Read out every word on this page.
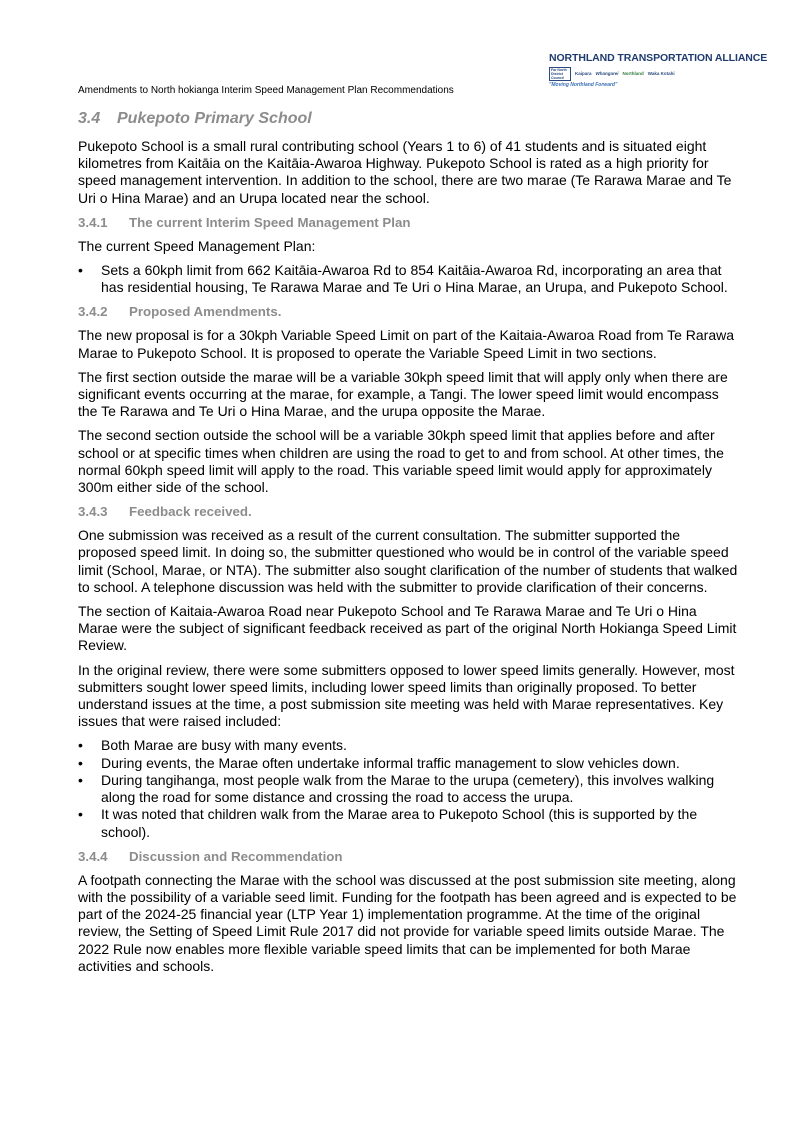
NORTHLAND TRANSPORTATION ALLIANCE
Far North District Council
Kaipara Whangarei Northland Waka Kotahi
"Moving Northland Forward"
Amendments to North hokianga Interim Speed Management Plan Recommendations
3.4 Pukepoto Primary School

Pukepoto School is a small rural contributing school (Years 1 to 6) of 41 students and is situated eight kilometres from Kaitāia on the Kaitāia-Awaroa Highway. Pukepoto School is rated as a high priority for speed management intervention. In addition to the school, there are two marae (Te Rarawa Marae and Te Uri o Hina Marae) and an Urupa located near the school.

3.4.1 The current Interim Speed Management Plan

The current Speed Management Plan:

• Sets a 60kph limit from 662 Kaitāia-Awaroa Rd to 854 Kaitāia-Awaroa Rd, incorporating an area that has residential housing, Te Rarawa Marae and Te Uri o Hina Marae, an Urupa, and Pukepoto School.
3.4.2 Proposed Amendments.

The new proposal is for a 30kph Variable Speed Limit on part of the Kaitaia-Awaroa Road from Te Rarawa Marae to Pukepoto School. It is proposed to operate the Variable Speed Limit in two sections.

The first section outside the marae will be a variable 30kph speed limit that will apply only when there are significant events occurring at the marae, for example, a Tangi. The lower speed limit would encompass the Te Rarawa and Te Uri o Hina Marae, and the urupa opposite the Marae.

The second section outside the school will be a variable 30kph speed limit that applies before and after school or at specific times when children are using the road to get to and from school. At other times, the normal 60kph speed limit will apply to the road. This variable speed limit would apply for approximately 300m either side of the school.

3.4.3 Feedback received.

One submission was received as a result of the current consultation. The submitter supported the proposed speed limit. In doing so, the submitter questioned who would be in control of the variable speed limit (School, Marae, or NTA). The submitter also sought clarification of the number of students that walked to school. A telephone discussion was held with the submitter to provide clarification of their concerns.

The section of Kaitaia-Awaroa Road near Pukepoto School and Te Rarawa Marae and Te Uri o Hina Marae were the subject of significant feedback received as part of the original North Hokianga Speed Limit Review.

In the original review, there were some submitters opposed to lower speed limits generally. However, most submitters sought lower speed limits, including lower speed limits than originally proposed. To better understand issues at the time, a post submission site meeting was held with Marae representatives. Key issues that were raised included:

• Both Marae are busy with many events.
• During events, the Marae often undertake informal traffic management to slow vehicles down.
• During tangihanga, most people walk from the Marae to the urupa (cemetery), this involves walking along the road for some distance and crossing the road to access the urupa.
• It was noted that children walk from the Marae area to Pukepoto School (this is supported by the school).
3.4.4 Discussion and Recommendation

A footpath connecting the Marae with the school was discussed at the post submission site meeting, along with the possibility of a variable seed limit. Funding for the footpath has been agreed and is expected to be part of the 2024-25 financial year (LTP Year 1) implementation programme. At the time of the original review, the Setting of Speed Limit Rule 2017 did not provide for variable speed limits outside Marae. The 2022 Rule now enables more flexible variable speed limits that can be implemented for both Marae activities and schools.
